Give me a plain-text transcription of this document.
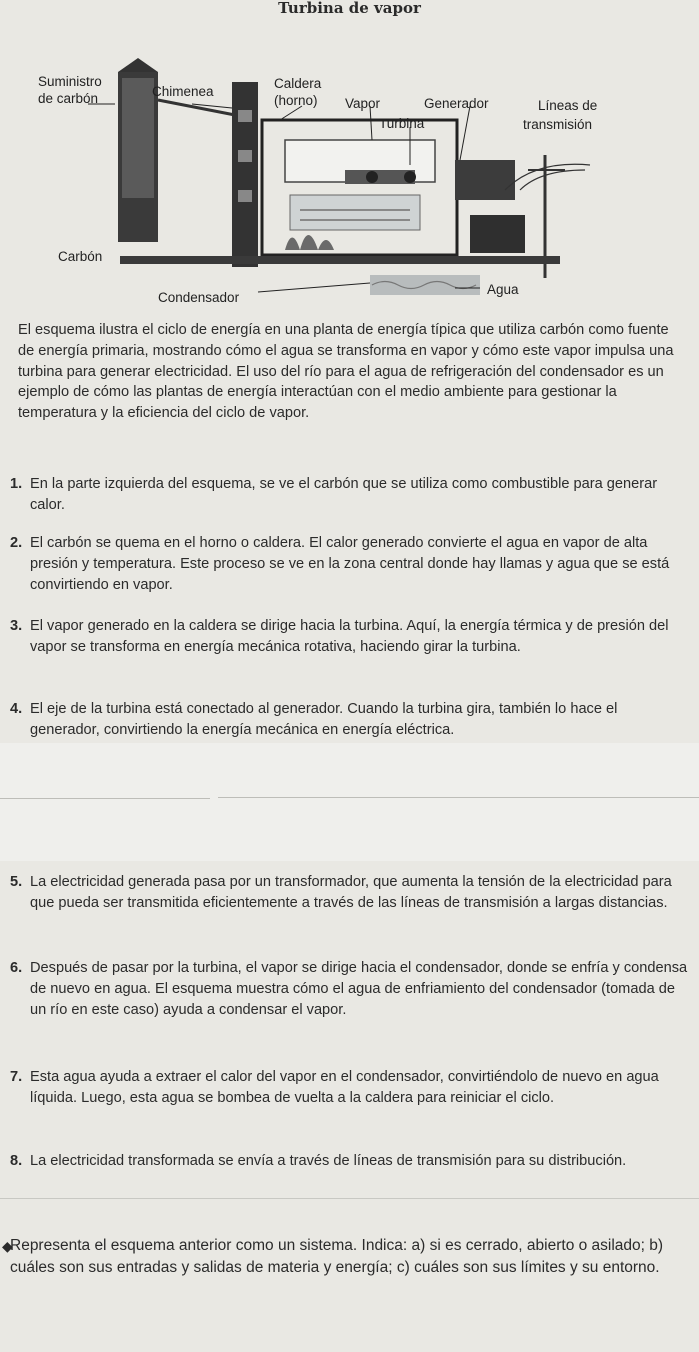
Turbina de vapor
Suministro
de carbón	Chimenea
Caldera
(horno) Vapor	Generador	Líneas de
transmisión
Turbina
Carbón
Condensador
Agua
El esquema ilustra el ciclo de energía en una planta de energía típica que utiliza carbón como fuente de energía primaria, mostrando cómo el agua se transforma en vapor y cómo este vapor impulsa una turbina para generar electricidad. El uso del río para el agua de refrigeración del condensador es un ejemplo de cómo las plantas de energía interactúan con el medio ambiente para gestionar la temperatura y la eficiencia del ciclo de vapor.
1. En la parte izquierda del esquema, se ve el carbón que se utiliza como combustible para generar calor.
2. El carbón se quema en el horno o caldera. El calor generado convierte el agua en vapor de alta presión y temperatura. Este proceso se ve en la zona central donde hay llamas y agua que se está convirtiendo en vapor.
3. El vapor generado en la caldera se dirige hacia la turbina. Aquí, la energía térmica y de presión del vapor se transforma en energía mecánica rotativa, haciendo girar la turbina.
4. El eje de la turbina está conectado al generador. Cuando la turbina gira, también lo hace el generador, convirtiendo la energía mecánica en energía eléctrica.
5. La electricidad generada pasa por un transformador, que aumenta la tensión de la electricidad para que pueda ser transmitida eficientemente a través de las líneas de transmisión a largas distancias.
6. Después de pasar por la turbina, el vapor se dirige hacia el condensador, donde se enfría y condensa de nuevo en agua. El esquema muestra cómo el agua de enfriamiento del condensador (tomada de un río en este caso) ayuda a condensar el vapor.
7. Esta agua ayuda a extraer el calor del vapor en el condensador, convirtiéndolo de nuevo en agua líquida. Luego, esta agua se bombea de vuelta a la caldera para reiniciar el ciclo.
8. La electricidad transformada se envía a través de líneas de transmisión para su distribución.
◆
Representa el esquema anterior como un sistema. Indica: a) si es cerrado, abierto o asilado; b) cuáles son sus entradas y salidas de materia y energía; c) cuáles son sus límites y su entorno.
